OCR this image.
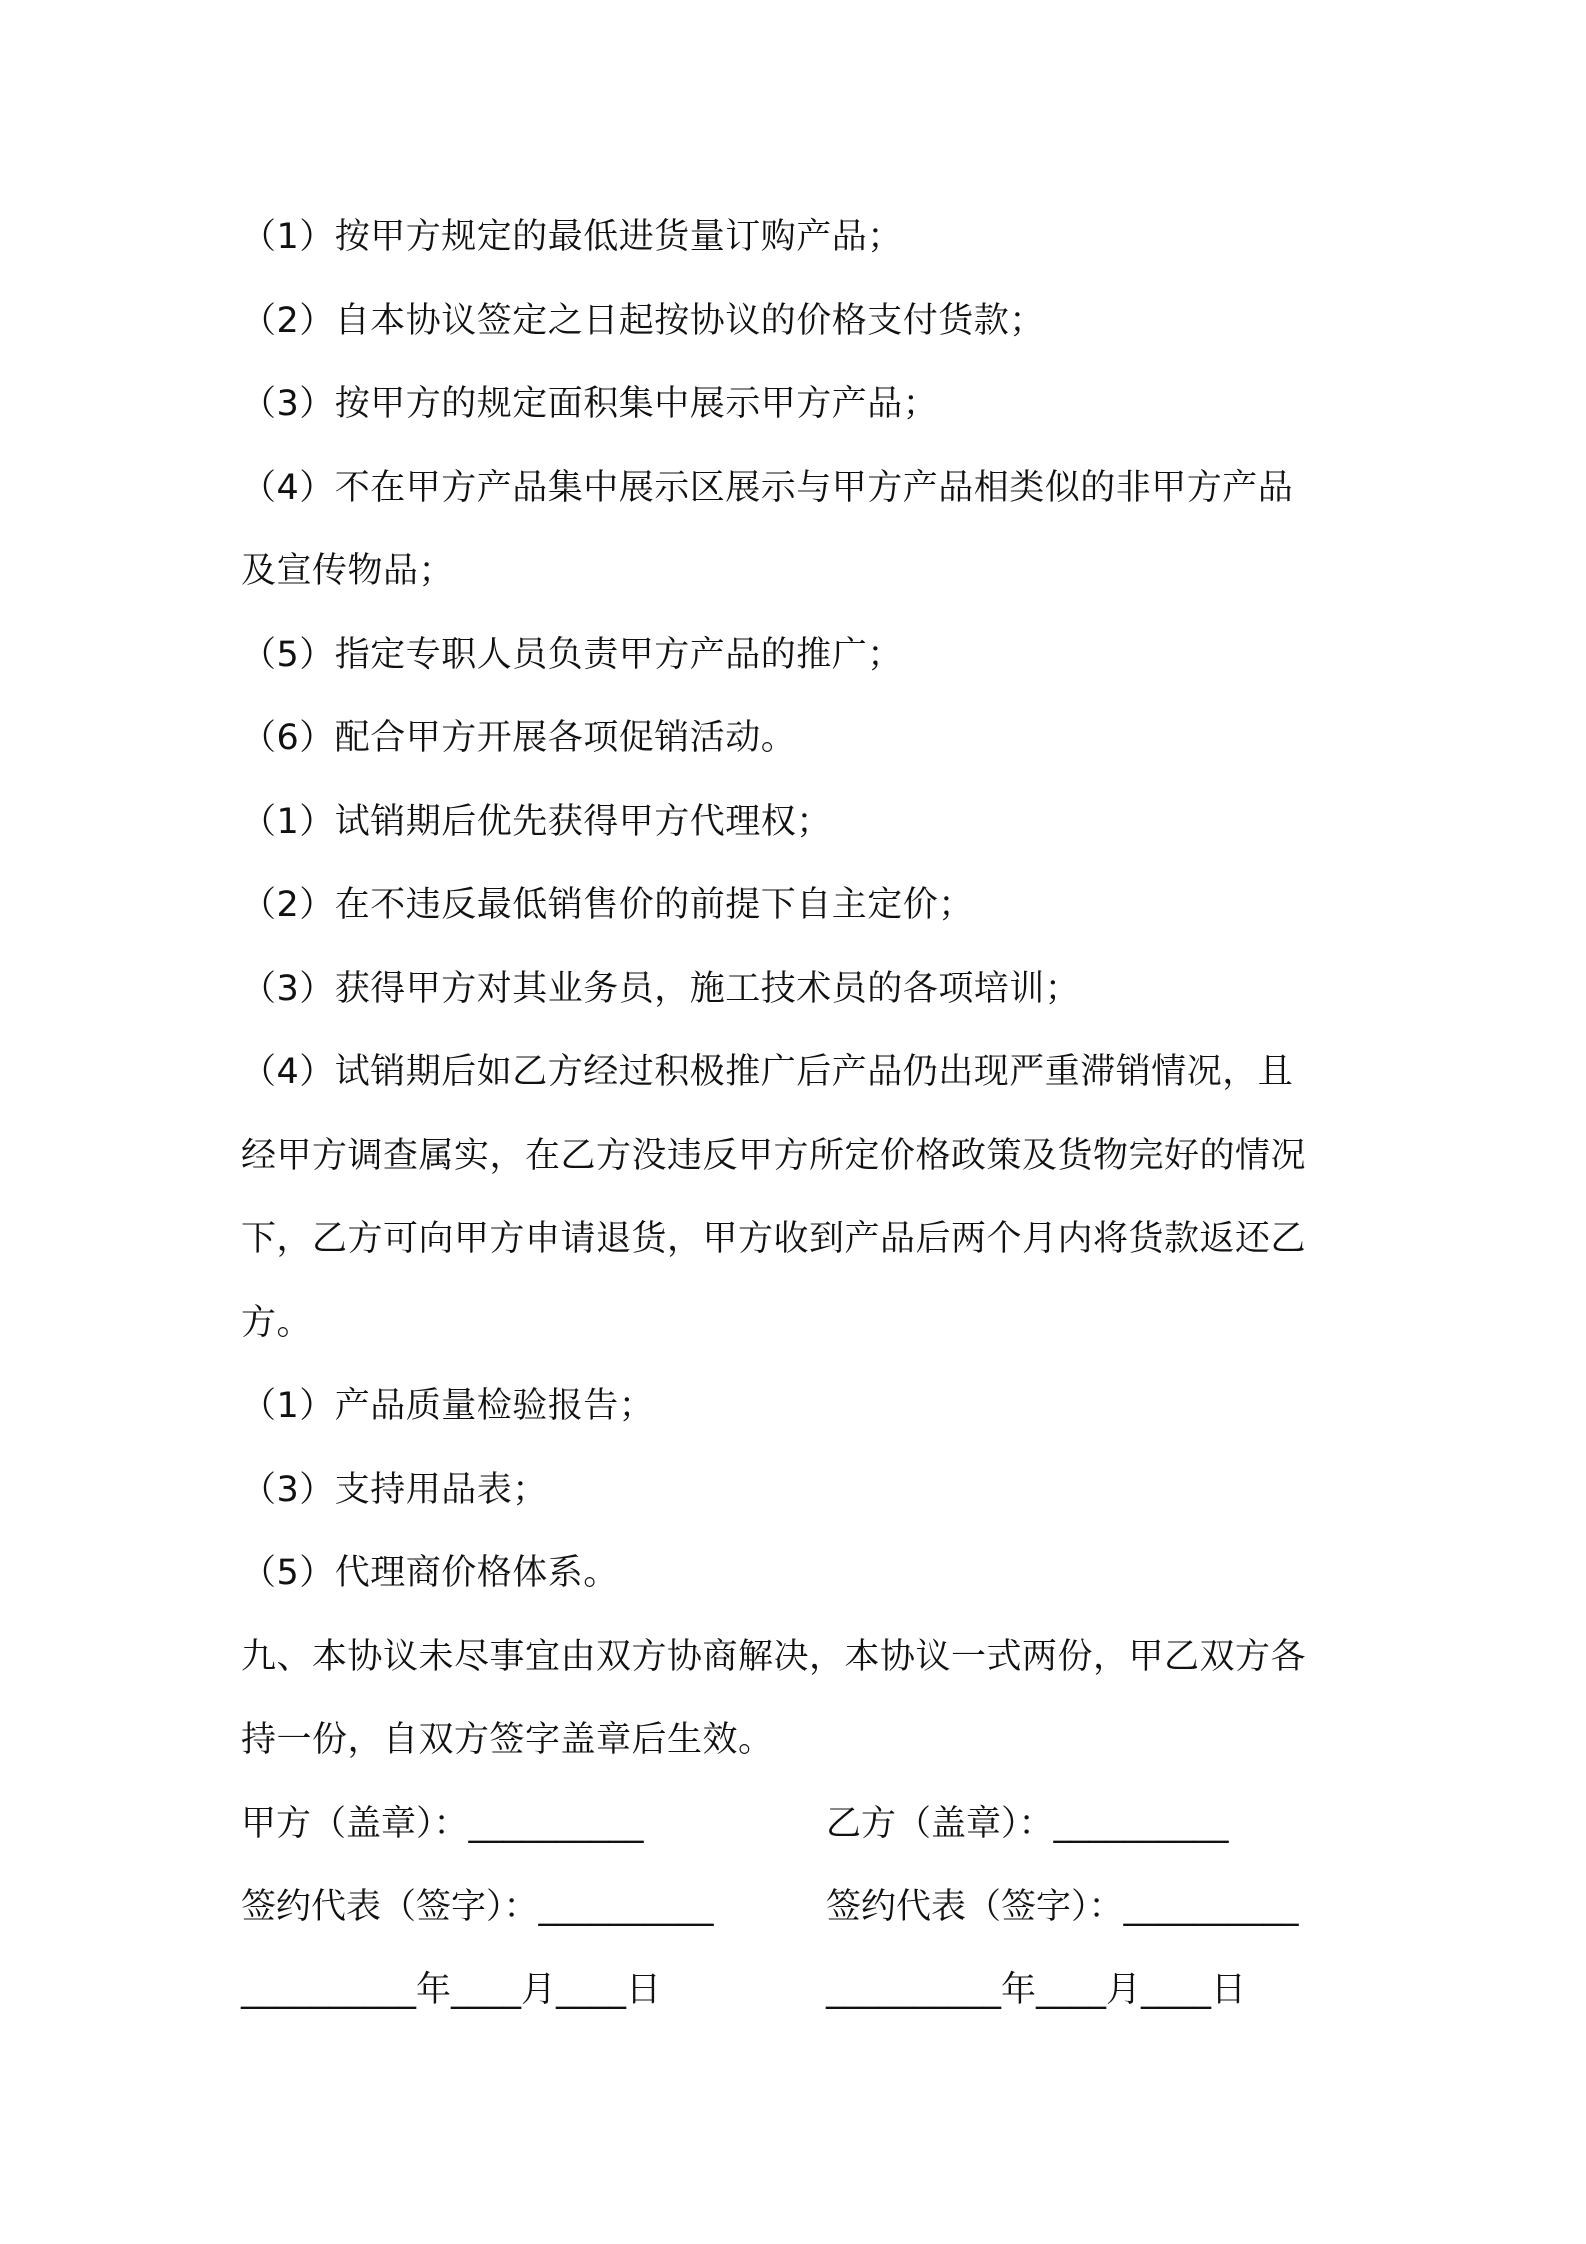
（1）按甲方规定的最低进货量订购产品；
（2）自本协议签定之日起按协议的价格支付货款；
（3）按甲方的规定面积集中展示甲方产品；
（4）不在甲方产品集中展示区展示与甲方产品相类似的非甲方产品
及宣传物品；
（5）指定专职人员负责甲方产品的推广；
（6）配合甲方开展各项促销活动。
（1）试销期后优先获得甲方代理权；
（2）在不违反最低销售价的前提下自主定价；
（3）获得甲方对其业务员，施工技术员的各项培训；
（4）试销期后如乙方经过积极推广后产品仍出现严重滞销情况，且
经甲方调查属实，在乙方没违反甲方所定价格政策及货物完好的情况
下，乙方可向甲方申请退货，甲方收到产品后两个月内将货款返还乙
方。
（1）产品质量检验报告；
（3）支持用品表；
（5）代理商价格体系。
九、本协议未尽事宜由双方协商解决，本协议一式两份，甲乙双方各
持一份，自双方签字盖章后生效。
甲方（盖章）：__________	乙方（盖章）：__________
签约代表（签字）：__________	签约代表（签字）：__________
__________年____月____日	__________年____月____日
